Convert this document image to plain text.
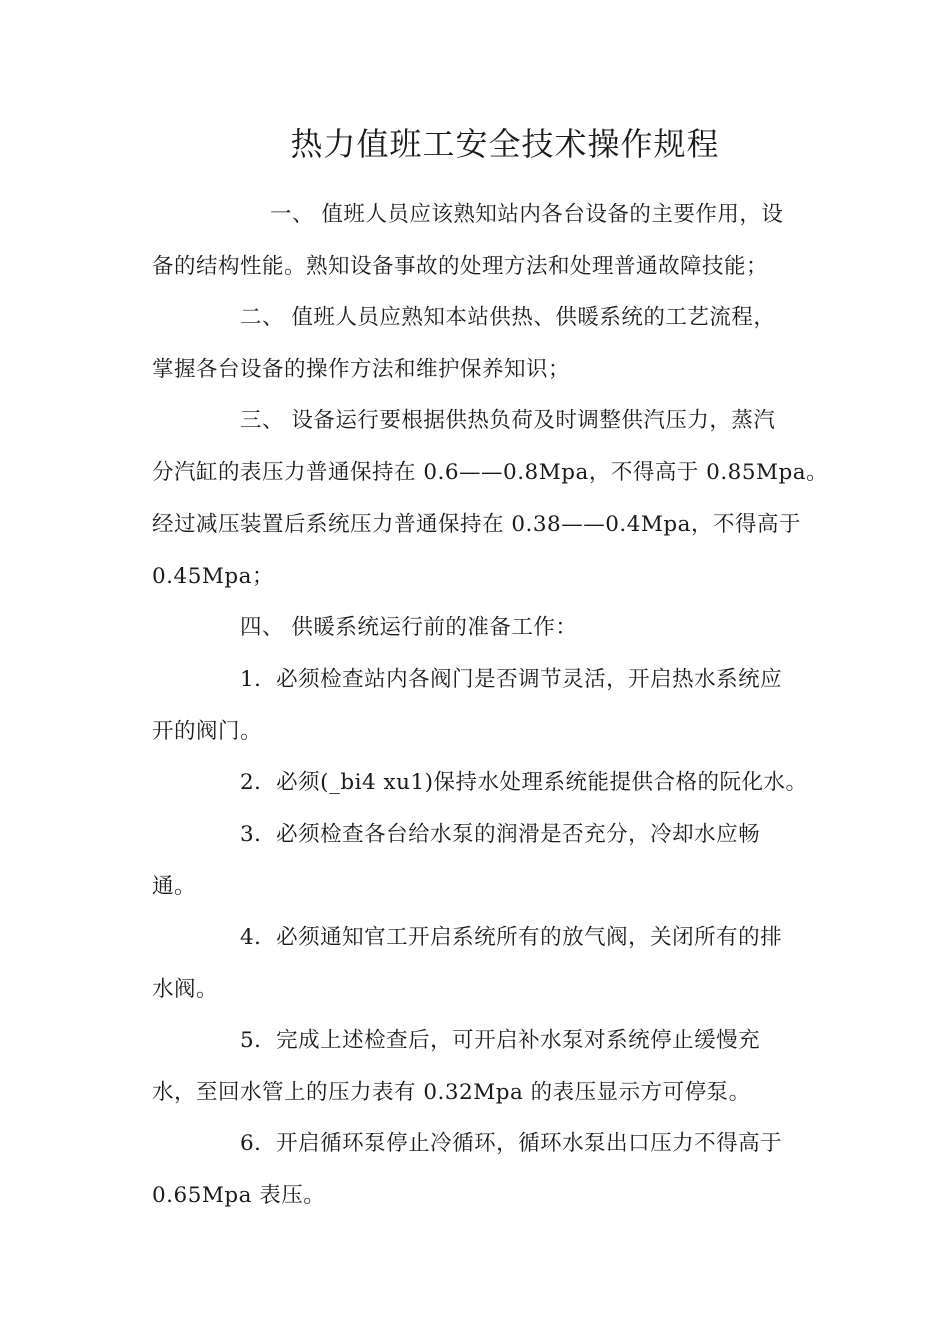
热力值班工安全技术操作规程
一、 值班人员应该熟知站内各台设备的主要作用，设
备的结构性能。熟知设备事故的处理方法和处理普通故障技能；
二、 值班人员应熟知本站供热、供暖系统的工艺流程，
掌握各台设备的操作方法和维护保养知识；
三、 设备运行要根据供热负荷及时调整供汽压力，蒸汽
分汽缸的表压力普通保持在 0.6——0.8Mpa，不得高于 0.85Mpa。
经过减压装置后系统压力普通保持在 0.38——0.4Mpa，不得高于
0.45Mpa；
四、 供暖系统运行前的准备工作：
1．必须检查站内各阀门是否调节灵活，开启热水系统应
开的阀门。
2．必须(_bi4 xu1)保持水处理系统能提供合格的阮化水。
3．必须检查各台给水泵的润滑是否充分，冷却水应畅
通。
4．必须通知官工开启系统所有的放气阀，关闭所有的排
水阀。
5．完成上述检查后，可开启补水泵对系统停止缓慢充
水，至回水管上的压力表有 0.32Mpa 的表压显示方可停泵。
6．开启循环泵停止冷循环，循环水泵出口压力不得高于
0.65Mpa 表压。
